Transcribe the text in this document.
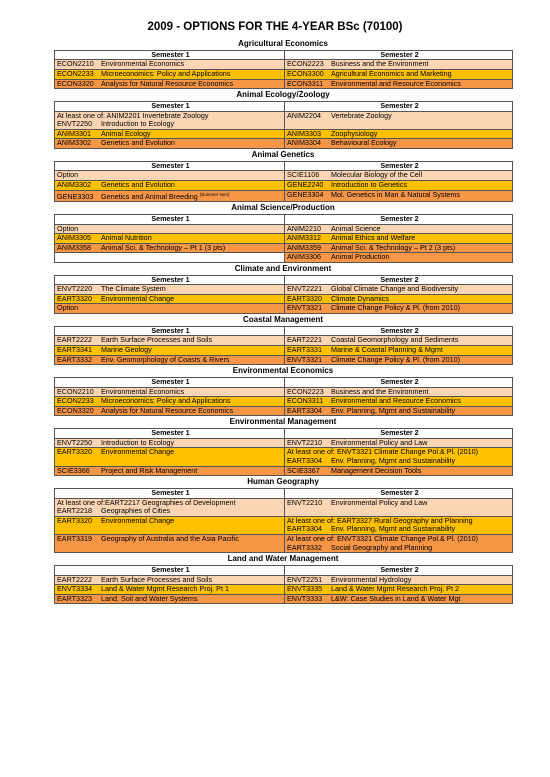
2009 - OPTIONS FOR THE 4-YEAR BSc (70100)
Agricultural Economics
Semester 1	Semester 2

ECON2210 Environmental Economics	ECON2223 Business and the Environment

ECON2233 Microeconomics: Policy and Applications	ECON3300 Agricultural Economics and Marketing

ECON3320 Analysis for Natural Resource Economics	ECON3311 Environmental and Resource Economics
Animal Ecology/Zoology
Semester 1	Semester 2

At least one of: ANIM2201 Invertebrate Zoology
ENVT2250 Introduction to Ecology	ANIM2204 Vertebrate Zoology

ANIM3301 Animal Ecology	ANIM3303 Zoophysiology

ANIM3302 Genetics and Evolution	ANIM3304 Behavioural Ecology
Animal Genetics
Semester 1	Semester 2

Option	SCIE1106 Molecular Biology of the Cell

ANIM3302 Genetics and Evolution	GENE2240 Introduction to Genetics

GENE3303 Genetics and Animal Breeding $^{(Summer sem)}$	GENE3304 Mol. Genetics in Man & Natural Systems
Animal Science/Production
Semester 1	Semester 2

Option	ANIM2210 Animal Science

ANIM3305 Animal Nutrition	ANIM3312 Animal Ethics and Welfare

ANIM3358 Animal Sci. & Technology – Pt 1 (3 pts)	ANIM3359 Animal Sci. & Technology – Pt 2 (3 pts)

	ANIM3306 Animal Production
Climate and Environment
Semester 1	Semester 2

ENVT2220 The Climate System	ENVT2221 Global Climate Change and Biodiversity

EART3320 Environmental Change	EART3320 Climate Dynamics

Option	ENVT3321 Climate Change Policy & Pl. (from 2010)
Coastal Management
Semester 1	Semester 2

EART2222 Earth Surface Processes and Soils	EART2221 Coastal Geomorphology and Sediments

EART3341 Marine Geology	EART3331 Marine & Coastal Planning & Mgmt

EART3332 Env. Geomorphology of Coasts & Rivers	ENVT3321 Climate Change Policy & Pl. (from 2010)
Environmental Economics
Semester 1	Semester 2

ECON2210 Environmental Economics	ECON2223 Business and the Environment

ECON2233 Microeconomics: Policy and Applications	ECON3311 Environmental and Resource Economics

ECON3320 Analysis for Natural Resource Economics	EART3304 Env. Planning, Mgmt and Sustainability
Environmental Management
Semester 1	Semester 2

ENVT2250 Introduction to Ecology	ENVT2210 Environmental Policy and Law

EART3320 Environmental Change	At least one of: ENVT3321 Climate Change Pol.& Pl. (2010)
EART3304 Env. Planning, Mgmt and Sustainability

SCIE3366 Project and Risk Management	SCIE3367 Management Decision Tools
Human Geography
Semester 1	Semester 2

At least one of:EART2217 Geographies of Development
EART2218 Geographies of Cities	ENVT2210 Environmental Policy and Law

EART3320 Environmental Change	At least one of: EART3327 Rural Geography and Planning
EART3304 Env. Planning, Mgmt and Sustainability

EART3319 Geography of Australia and the Asia Pacific	At least one of: ENVT3321 Climate Change Pol.& Pl. (2010)
EART3332 Social Geography and Planning
Land and Water Management
Semester 1	Semester 2

EART2222 Earth Surface Processes and Soils	ENVT2251 Environmental Hydrology

ENVT3334 Land & Water Mgmt Research Proj. Pt 1	ENVT3335 Land & Water Mgmt Research Proj. Pt 2

EART3323 Land, Soil and Water Systems	ENVT3333 L&W: Case Studies in Land & Water Mgt
